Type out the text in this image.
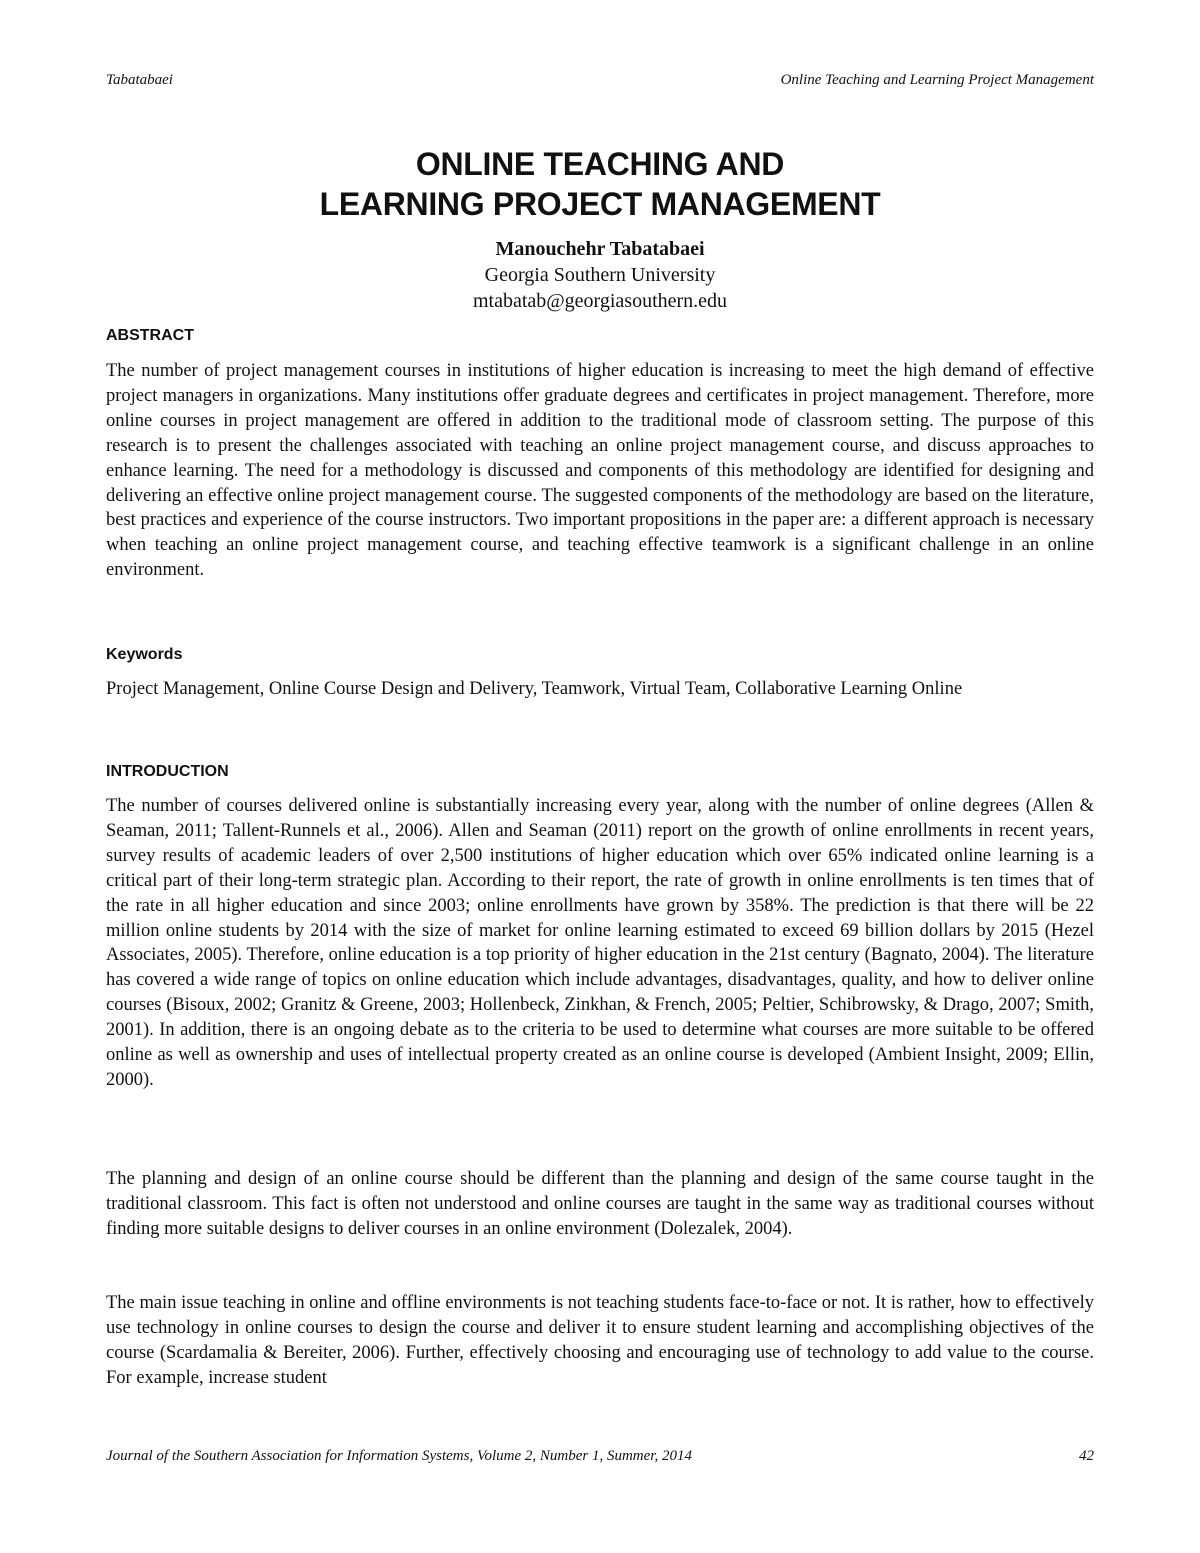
Tabatabaei	Online Teaching and Learning Project Management
ONLINE TEACHING AND
LEARNING PROJECT MANAGEMENT
Manouchehr Tabatabaei
Georgia Southern University
mtabatab@georgiasouthern.edu
ABSTRACT

The number of project management courses in institutions of higher education is increasing to meet the high demand of effective project managers in organizations. Many institutions offer graduate degrees and certificates in project management. Therefore, more online courses in project management are offered in addition to the traditional mode of classroom setting. The purpose of this research is to present the challenges associated with teaching an online project management course, and discuss approaches to enhance learning. The need for a methodology is discussed and components of this methodology are identified for designing and delivering an effective online project management course. The suggested components of the methodology are based on the literature, best practices and experience of the course instructors. Two important propositions in the paper are: a different approach is necessary when teaching an online project management course, and teaching effective teamwork is a significant challenge in an online environment.

Keywords

Project Management, Online Course Design and Delivery, Teamwork, Virtual Team, Collaborative Learning Online

INTRODUCTION

The number of courses delivered online is substantially increasing every year, along with the number of online degrees (Allen & Seaman, 2011; Tallent-Runnels et al., 2006). Allen and Seaman (2011) report on the growth of online enrollments in recent years, survey results of academic leaders of over 2,500 institutions of higher education which over 65% indicated online learning is a critical part of their long-term strategic plan. According to their report, the rate of growth in online enrollments is ten times that of the rate in all higher education and since 2003; online enrollments have grown by 358%. The prediction is that there will be 22 million online students by 2014 with the size of market for online learning estimated to exceed 69 billion dollars by 2015 (Hezel Associates, 2005). Therefore, online education is a top priority of higher education in the 21st century (Bagnato, 2004). The literature has covered a wide range of topics on online education which include advantages, disadvantages, quality, and how to deliver online courses (Bisoux, 2002; Granitz & Greene, 2003; Hollenbeck, Zinkhan, & French, 2005; Peltier, Schibrowsky, & Drago, 2007; Smith, 2001). In addition, there is an ongoing debate as to the criteria to be used to determine what courses are more suitable to be offered online as well as ownership and uses of intellectual property created as an online course is developed (Ambient Insight, 2009; Ellin, 2000).

The planning and design of an online course should be different than the planning and design of the same course taught in the traditional classroom. This fact is often not understood and online courses are taught in the same way as traditional courses without finding more suitable designs to deliver courses in an online environment (Dolezalek, 2004).

The main issue teaching in online and offline environments is not teaching students face-to-face or not. It is rather, how to effectively use technology in online courses to design the course and deliver it to ensure student learning and accomplishing objectives of the course (Scardamalia & Bereiter, 2006). Further, effectively choosing and encouraging use of technology to add value to the course. For example, increase student

Journal of the Southern Association for Information Systems, Volume 2, Number 1, Summer, 2014	42
